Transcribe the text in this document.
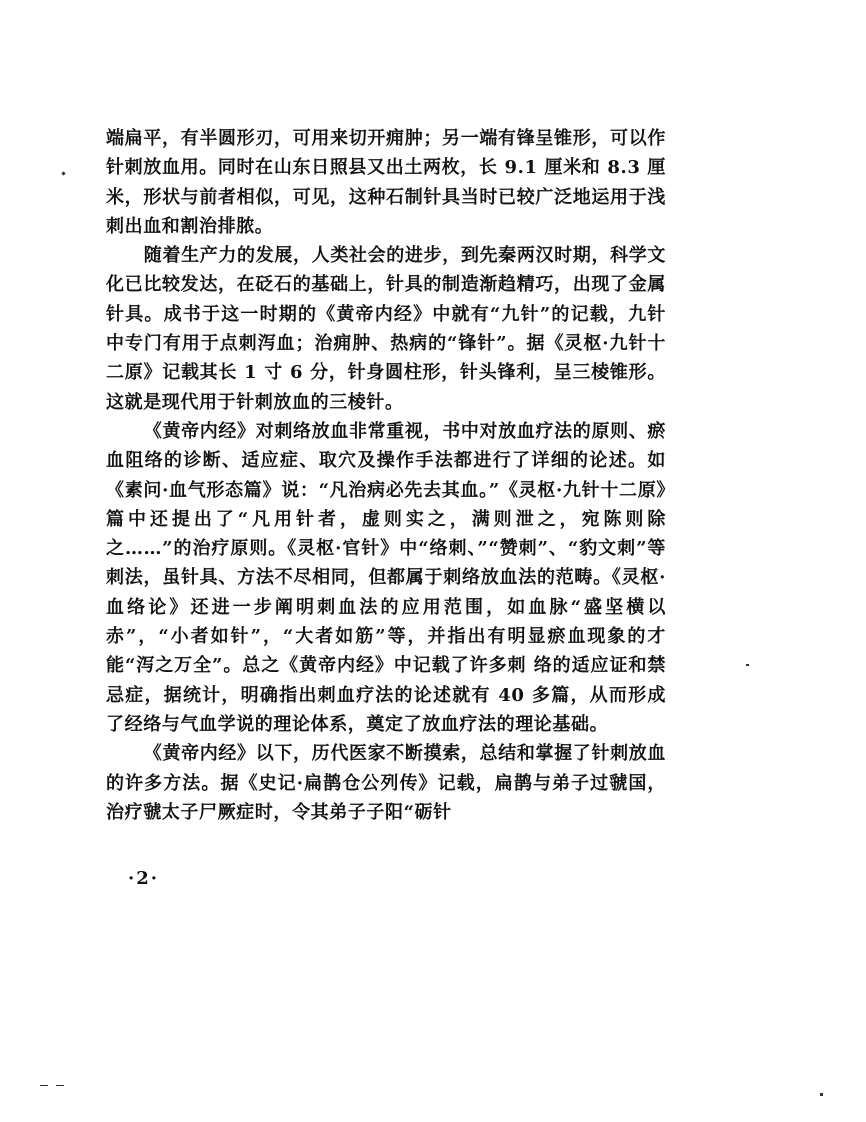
端扁平，有半圆形刃，可用来切开痈肿；另一端有锋呈锥形，可以作针刺放血用。同时在山东日照县又出土两枚，长 9.1 厘米和 8.3 厘米，形状与前者相似，可见，这种石制针具当时已较广泛地运用于浅刺出血和割治排脓。

随着生产力的发展，人类社会的进步，到先秦两汉时期，科学文化已比较发达，在砭石的基础上，针具的制造渐趋精巧，出现了金属针具。成书于这一时期的《黄帝内经》中就有“九针”的记载，九针中专门有用于点刺泻血；治痈肿、热病的“锋针”。据《灵枢·九针十二原》记载其长 1 寸 6 分，针身圆柱形，针头锋利，呈三棱锥形。这就是现代用于针刺放血的三棱针。

《黄帝内经》对刺络放血非常重视，书中对放血疗法的原则、瘀血阻络的诊断、适应症、取穴及操作手法都进行了详细的论述。如《素问·血气形态篇》说：“凡治病必先去其血。”《灵枢·九针十二原》篇中还提出了“凡用针者，虚则实之，满则泄之，宛陈则除之……”的治疗原则。《灵枢·官针》中“络刺、”“赞刺”、“豹文刺”等刺法，虽针具、方法不尽相同，但都属于刺络放血法的范畴。《灵枢·血络论》还进一步阐明刺血法的应用范围，如血脉“盛坚横以赤”，“小者如针”，“大者如筋”等，并指出有明显瘀血现象的才能“泻之万全”。总之《黄帝内经》中记载了许多刺 络的适应证和禁忌症，据统计，明确指出刺血疗法的论述就有 40 多篇，从而形成了经络与气血学说的理论体系，奠定了放血疗法的理论基础。

《黄帝内经》以下，历代医家不断摸索，总结和掌握了针刺放血的许多方法。据《史记·扁鹊仓公列传》记载，扁鹊与弟子过虢国，治疗虢太子尸厥症时，令其弟子子阳“砺针

·2·
